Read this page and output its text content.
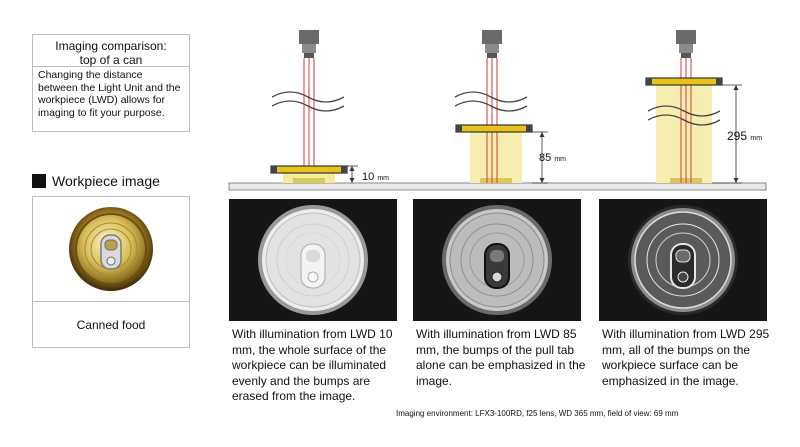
Imaging comparison:
top of a can
Changing the distance between the Light Unit and the workpiece (LWD) allows for imaging to fit your purpose.
Workpiece image
Canned food
10 mm
85 mm
295 mm
With illumination from LWD 10 mm, the whole surface of the workpiece can be illuminated evenly and the bumps are erased from the image.
With illumination from LWD 85 mm, the bumps of the pull tab alone can be emphasized in the image.
With illumination from LWD 295 mm, all of the bumps on the workpiece surface can be emphasized in the image.
Imaging environment: LFX3-100RD, f25 lens, WD 365 mm, field of view: 69 mm
